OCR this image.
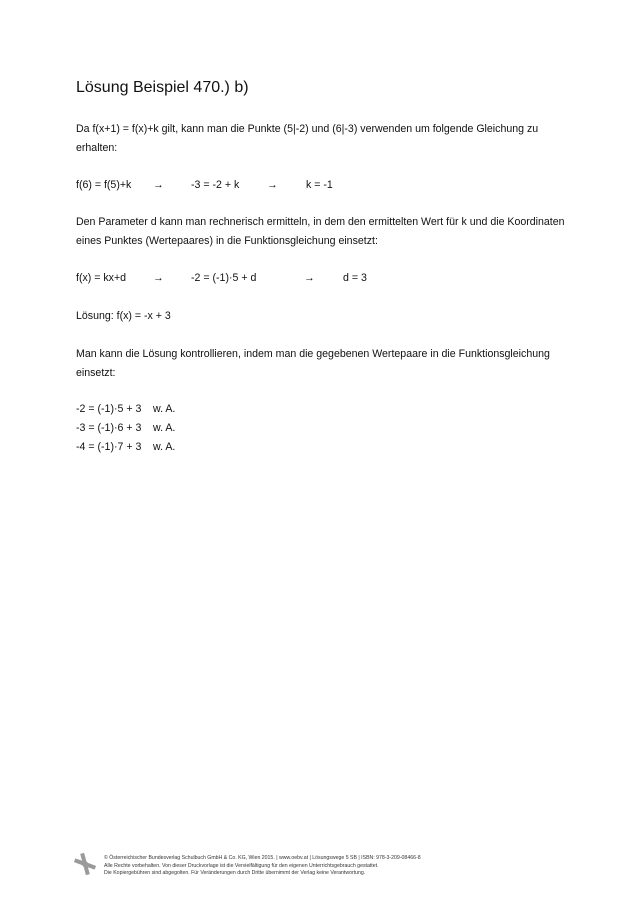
Lösung Beispiel 470.) b)

Da f(x+1) = f(x)+k gilt, kann man die Punkte (5|-2) und (6|-3) verwenden um folgende Gleichung zu erhalten:

f(6) = f(5)+k →	-3 = -2 + k	→	k = -1

Den Parameter d kann man rechnerisch ermitteln, in dem den ermittelten Wert für k und die Koordinaten eines Punktes (Wertepaares) in die Funktionsgleichung einsetzt:

f(x) = kx+d	→	-2 = (-1)·5 + d	→	d = 3

Lösung: f(x) = -x + 3

Man kann die Lösung kontrollieren, indem man die gegebenen Wertepaare in die Funktionsgleichung einsetzt:

-2 = (-1)·5 + 3 w. A.
-3 = (-1)·6 + 3 w. A.
-4 = (-1)·7 + 3 w. A.
© Österreichischer Bundesverlag Schulbuch GmbH & Co. KG, Wien 2015. | www.oebv.at | Lösungswege 5 SB | ISBN: 978-3-209-08466-8
Alle Rechte vorbehalten. Von dieser Druckvorlage ist die Vervielfältigung für den eigenen Unterrichtsgebrauch gestattet.
Die Kopiergebühren sind abgegolten. Für Veränderungen durch Dritte übernimmt der Verlag keine Verantwortung.
